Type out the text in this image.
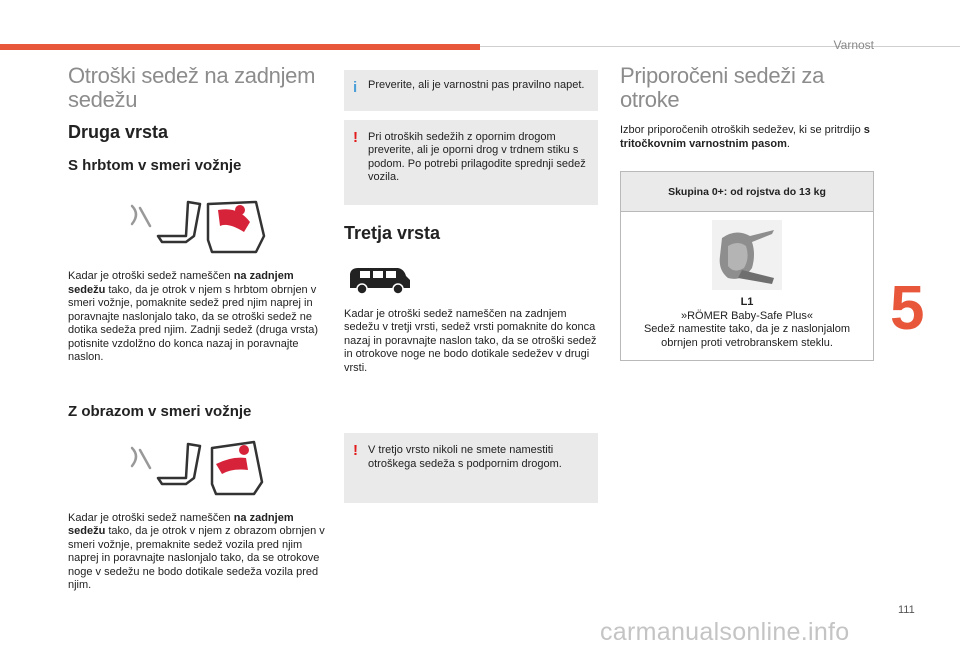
Varnost
5
111
carmanualsonline.info
Otroški sedež na zadnjem sedežu
Druga vrsta
S hrbtom v smeri vožnje

Kadar je otroški sedež nameščen na zadnjem sedežu tako, da je otrok v njem s hrbtom obrnjen v smeri vožnje, pomaknite sedež pred njim naprej in poravnajte naslonjalo tako, da se otroški sedež ne dotika sedeža pred njim. Zadnji sedež (druga vrsta) potisnite vzdolžno do konca nazaj in poravnajte naslon.

Z obrazom v smeri vožnje

Kadar je otroški sedež nameščen na zadnjem sedežu tako, da je otrok v njem z obrazom obrnjen v smeri vožnje, premaknite sedež vozila pred njim naprej in poravnajte naslonjalo tako, da se otrokove noge v sedežu ne bodo dotikale sedeža vozila pred njim.

i Preverite, ali je varnostni pas pravilno napet.
! Pri otroških sedežih z opornim drogom preverite, ali je oporni drog v trdnem stiku s podom. Po potrebi prilagodite sprednji sedež vozila.
Tretja vrsta

Kadar je otroški sedež nameščen na zadnjem sedežu v tretji vrsti, sedež vrsti pomaknite do konca nazaj in poravnajte naslon tako, da se otroški sedež in otrokove noge ne bodo dotikale sedežev v drugi vrsti.

! V tretjo vrsto nikoli ne smete namestiti otroškega sedeža s podpornim drogom.
Priporočeni sedeži za otroke

Izbor priporočenih otroških sedežev, ki se pritrdijo s tritočkovnim varnostnim pasom.

Skupina 0+: od rojstva do 13 kg
L1
»RÖMER Baby-Safe Plus«
Sedež namestite tako, da je z naslonjalom obrnjen proti vetrobranskem steklu.
